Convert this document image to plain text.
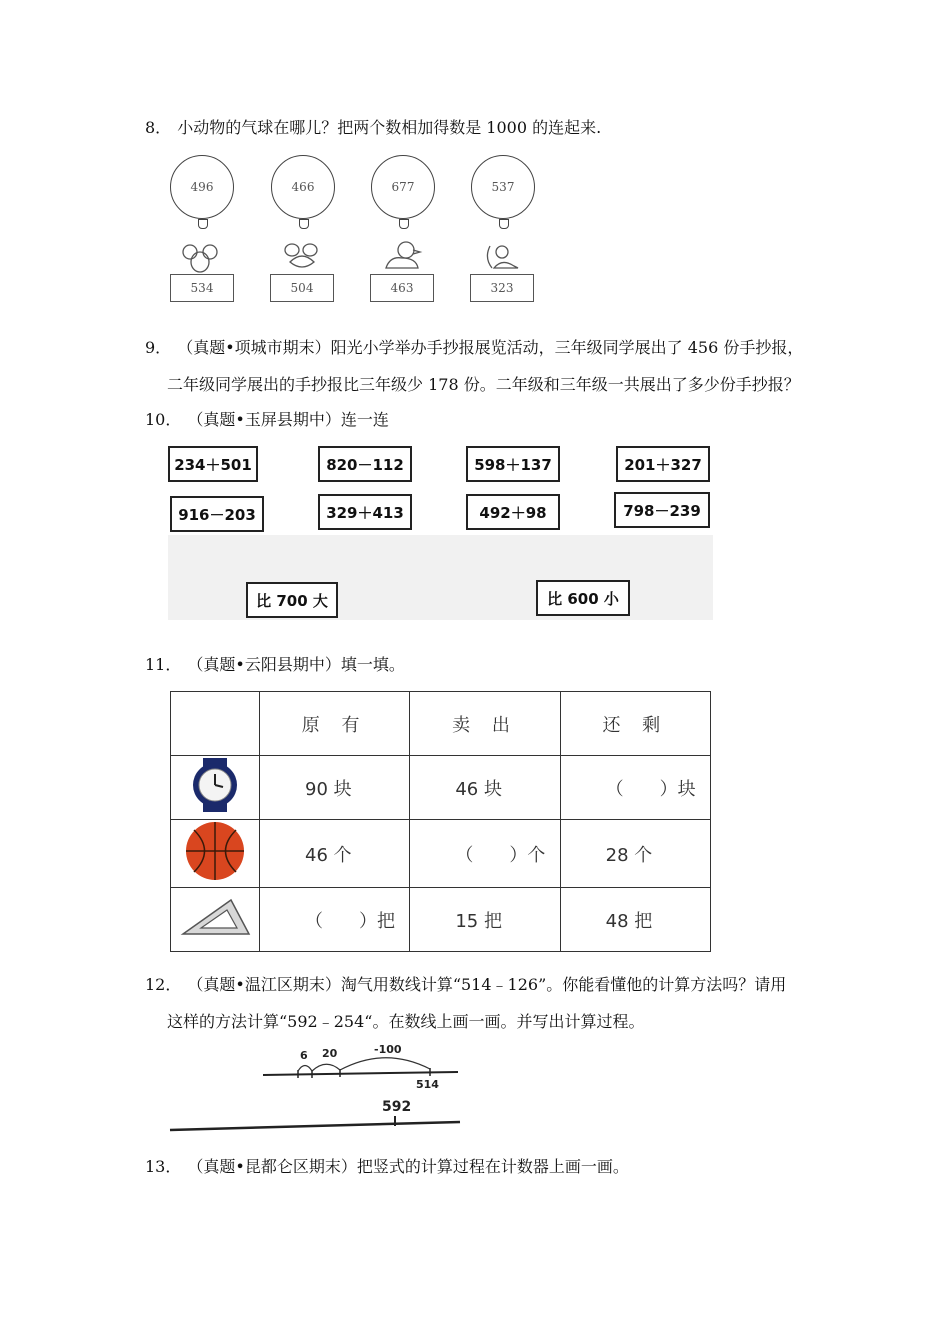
8． 小动物的气球在哪儿？把两个数相加得数是 1000 的连起来.
496	466	677	537
534	504	463	323
9． （真题•项城市期末）阳光小学举办手抄报展览活动，三年级同学展出了 456 份手抄报，
二年级同学展出的手抄报比三年级少 178 份。二年级和三年级一共展出了多少份手抄报？
10． （真题•玉屏县期中）连一连
234＋501	820－112	598＋137	201＋327
916－203	329＋413	492＋98	798－239
比 700 大	比 600 小
11． （真题•云阳县期中）填一填。
	原 有	卖 出	还 剩
	90 块	46 块	（　　）块
	46 个	（　　）个	28 个
	（　　）把	15 把	48 把
12． （真题•温江区期末）淘气用数线计算“514﹣126”。你能看懂他的计算方法吗？请用
这样的方法计算“592﹣254“。在数线上画一画。并写出计算过程。
6 20	-100
514
592
13． （真题•昆都仑区期末）把竖式的计算过程在计数器上画一画。
